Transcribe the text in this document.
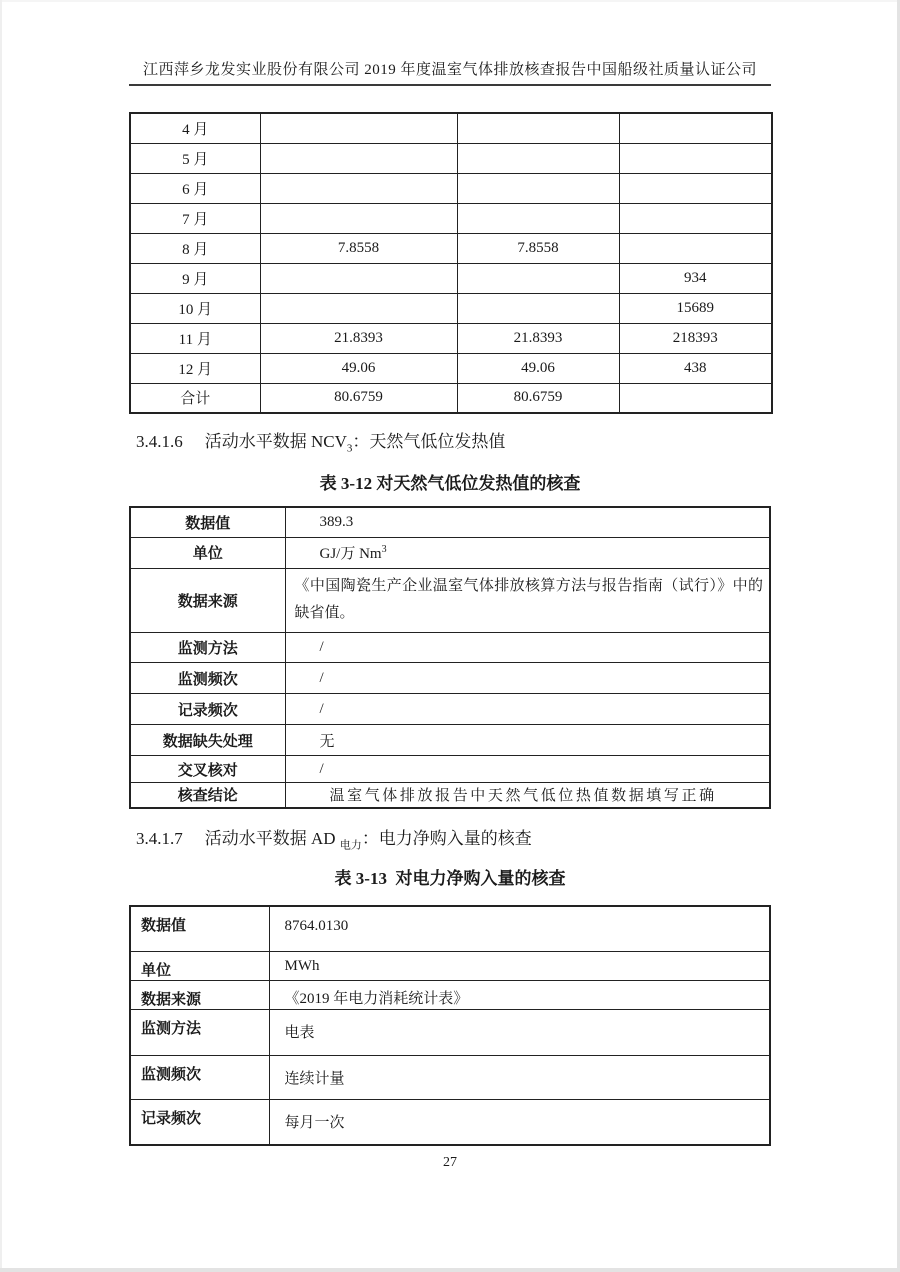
江西萍乡龙发实业股份有限公司 2019 年度温室气体排放核查报告中国船级社质量认证公司
4 月			
5 月			
6 月			
7 月			
8 月	7.8558	7.8558	
9 月			934
10 月			15689
11 月	21.8393	21.8393	218393
12 月	49.06	49.06	438
合计	80.6759	80.6759	
3.4.1.6 活动水平数据 $NCV_3$：天然气低位发热值
表 3-12 对天然气低位发热值的核查
数据值	389.3
单位	GJ/万 Nm$^3$
数据来源	《中国陶瓷生产企业温室气体排放核算方法与报告指南（试行）》中的缺省值。
监测方法	/
监测频次	/
记录频次	/
数据缺失处理	无
交叉核对	/
核查结论	温室气体排放报告中天然气低位热值数据填写正确
3.4.1.7 活动水平数据 AD $_{电力}$：电力净购入量的核查
表 3-13  对电力净购入量的核查
数据值	8764.0130
单位	MWh
数据来源	《2019 年电力消耗统计表》
监测方法	电表
监测频次	连续计量
记录频次	每月一次
27
